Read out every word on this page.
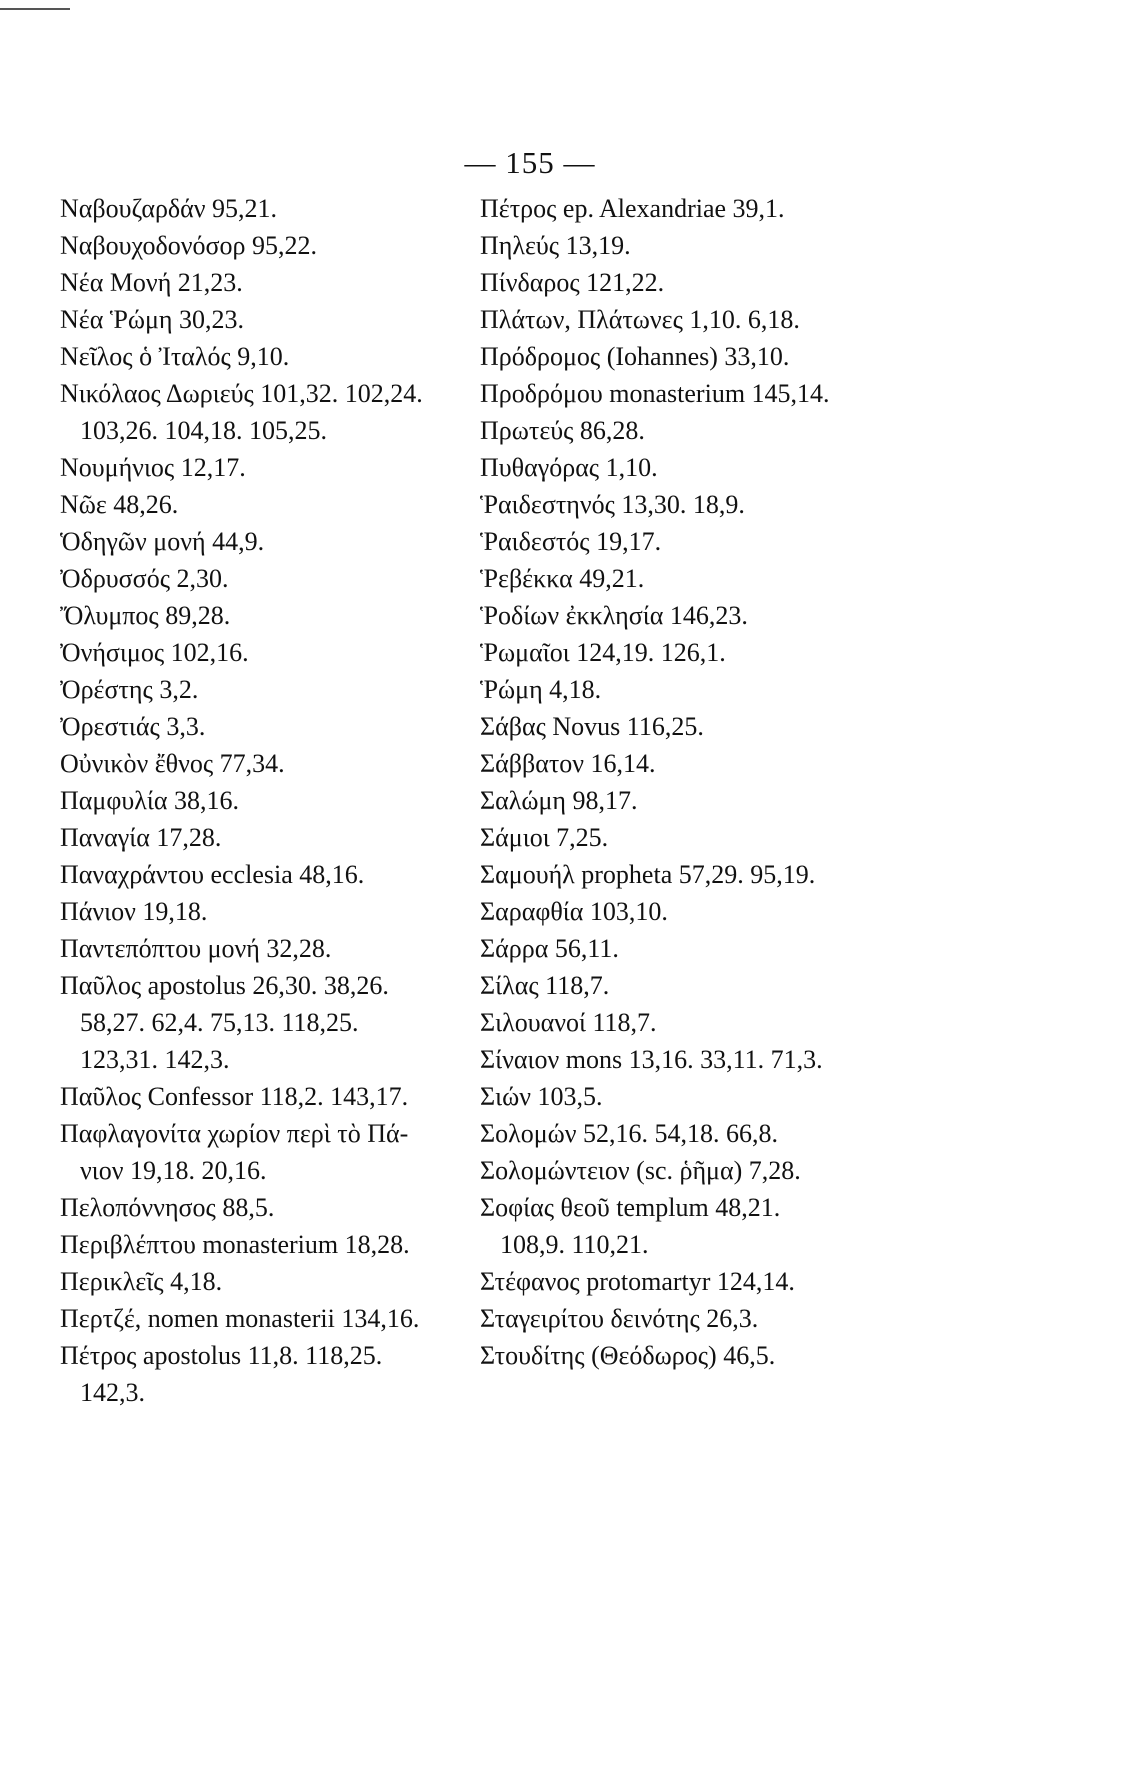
— 155 —
Ναβουζαρδάν 95,21.
Ναβουχοδονόσορ 95,22.
Νέα Μονή 21,23.
Νέα Ῥώμη 30,23.
Νεῖλος ὁ Ἰταλός 9,10.
Νικόλαος Δωριεύς 101,32. 102,24.
103,26. 104,18. 105,25.
Νουμήνιος 12,17.
Νῶε 48,26.
Ὁδηγῶν μονή 44,9.
Ὀδρυσσός 2,30.
Ὄλυμπος 89,28.
Ὀνήσιμος 102,16.
Ὀρέστης 3,2.
Ὀρεστιάς 3,3.
Οὐνικὸν ἔθνος 77,34.
Παμφυλία 38,16.
Παναγία 17,28.
Παναχράντου ecclesia 48,16.
Πάνιον 19,18.
Παντεπόπτου μονή 32,28.
Παῦλος apostolus 26,30. 38,26.
58,27. 62,4. 75,13. 118,25.
123,31. 142,3.
Παῦλος Confessor 118,2. 143,17.
Παφλαγονίτα χωρίον περὶ τὸ Πά-
νιον 19,18. 20,16.
Πελοπόννησος 88,5.
Περιβλέπτου monasterium 18,28.
Περικλεῖς 4,18.
Περτζέ, nomen monasterii 134,16.
Πέτρος apostolus 11,8. 118,25.
142,3.
Πέτρος ep. Alexandriae 39,1.
Πηλεύς 13,19.
Πίνδαρος 121,22.
Πλάτων, Πλάτωνες 1,10. 6,18.
Πρόδρομος (Iohannes) 33,10.
Προδρόμου monasterium 145,14.
Πρωτεύς 86,28.
Πυθαγόρας 1,10.
Ῥαιδεστηνός 13,30. 18,9.
Ῥαιδεστός 19,17.
Ῥεβέκκα 49,21.
Ῥοδίων ἐκκλησία 146,23.
Ῥωμαῖοι 124,19. 126,1.
Ῥώμη 4,18.
Σάβας Novus 116,25.
Σάββατον 16,14.
Σαλώμη 98,17.
Σάμιοι 7,25.
Σαμουήλ propheta 57,29. 95,19.
Σαραφθία 103,10.
Σάρρα 56,11.
Σίλας 118,7.
Σιλουανοί 118,7.
Σίναιον mons 13,16. 33,11. 71,3.
Σιών 103,5.
Σολομών 52,16. 54,18. 66,8.
Σολομώντειον (sc. ῥῆμα) 7,28.
Σοφίας θεοῦ templum 48,21.
108,9. 110,21.
Στέφανος protomartyr 124,14.
Σταγειρίτου δεινότης 26,3.
Στουδίτης (Θεόδωρος) 46,5.
